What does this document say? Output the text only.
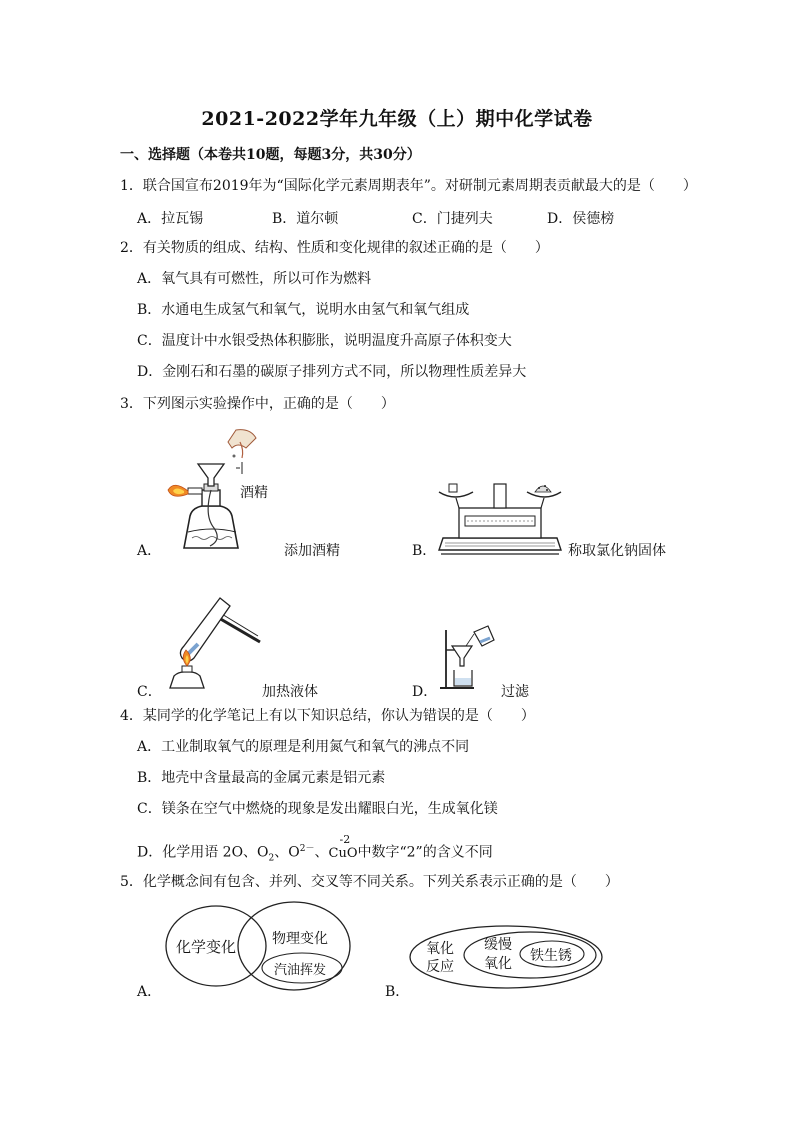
2021-2022学年九年级（上）期中化学试卷
一、选择题（本卷共10题，每题3分，共30分）
1．联合国宣布2019年为“国际化学元素周期表年”。对研制元素周期表贡献最大的是（　　）
A．拉瓦锡	B．道尔顿	C．门捷列夫	D．侯德榜
2．有关物质的组成、结构、性质和变化规律的叙述正确的是（　　）
A．氧气具有可燃性，所以可作为燃料
B．水通电生成氢气和氧气，说明水由氢气和氧气组成
C．温度计中水银受热体积膨胀，说明温度升高原子体积变大
D．金刚石和石墨的碳原子排列方式不同，所以物理性质差异大
3．下列图示实验操作中，正确的是（　　）
酒精
A．	添加酒精	B．	称取氯化钠固体
C．	加热液体	D．	过滤
4．某同学的化学笔记上有以下知识总结，你认为错误的是（　　）
A．工业制取氧气的原理是利用氮气和氧气的沸点不同
B．地壳中含量最高的金属元素是铝元素
C．镁条在空气中燃烧的现象是发出耀眼白光，生成氧化镁
D．化学用语 2O、$O_2$、$O^{2-}$、
-2
CuO中数字“2”的含义不同
5．化学概念间有包含、并列、交叉等不同关系。下列关系表示正确的是（　　）
化学变化	物理变化
汽油挥发
A．
氧化
反应
缓慢
氧化 铁生锈
B．
